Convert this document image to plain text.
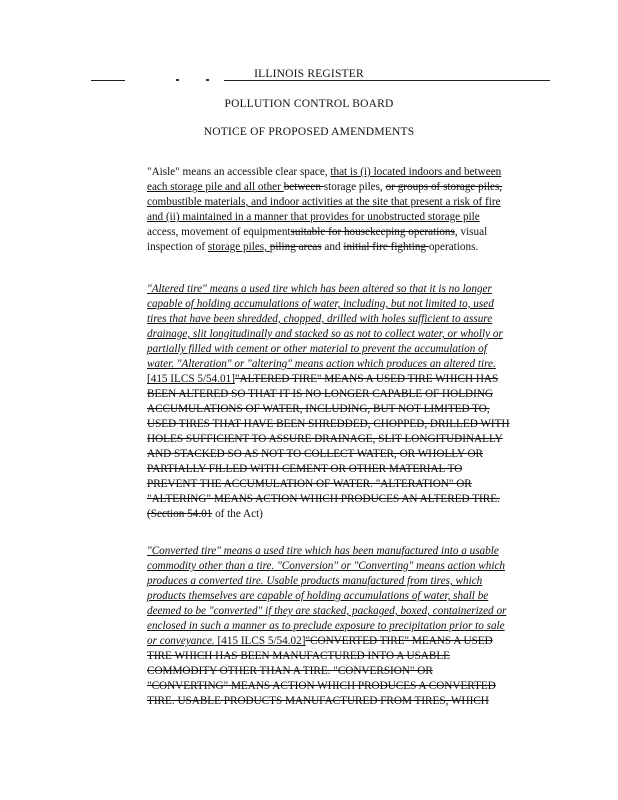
ILLINOIS REGISTER
POLLUTION CONTROL BOARD
NOTICE OF PROPOSED AMENDMENTS

"Aisle" means an accessible clear space, that is (i) located indoors and between each storage pile and all other between storage piles, or groups of storage piles, combustible materials, and indoor activities at the site that present a risk of fire and (ii) maintained in a manner that provides for unobstructed storage pile access, movement of equipmentsuitable for housekeeping operations, visual inspection of storage piles, piling areas and initial fire fighting operations.

"Altered tire" means a used tire which has been altered so that it is no longer capable of holding accumulations of water, including, but not limited to, used tires that have been shredded, chopped, drilled with holes sufficient to assure drainage, slit longitudinally and stacked so as not to collect water, or wholly or partially filled with cement or other material to prevent the accumulation of water. "Alteration" or "altering" means action which produces an altered tire. [415 ILCS 5/54.01]"ALTERED TIRE" MEANS A USED TIRE WHICH HAS BEEN ALTERED SO THAT IT IS NO LONGER CAPABLE OF HOLDING ACCUMULATIONS OF WATER, INCLUDING, BUT NOT LIMITED TO, USED TIRES THAT HAVE BEEN SHREDDED, CHOPPED, DRILLED WITH HOLES SUFFICIENT TO ASSURE DRAINAGE, SLIT LONGITUDINALLY AND STACKED SO AS NOT TO COLLECT WATER, OR WHOLLY OR PARTIALLY FILLED WITH CEMENT OR OTHER MATERIAL TO PREVENT THE ACCUMULATION OF WATER. "ALTERATION" OR "ALTERING" MEANS ACTION WHICH PRODUCES AN ALTERED TIRE. (Section 54.01 of the Act)

"Converted tire" means a used tire which has been manufactured into a usable commodity other than a tire. "Conversion" or "Converting" means action which produces a converted tire. Usable products manufactured from tires, which products themselves are capable of holding accumulations of water, shall be deemed to be "converted" if they are stacked, packaged, boxed, containerized or enclosed in such a manner as to preclude exposure to precipitation prior to sale or conveyance. [415 ILCS 5/54.02]"CONVERTED TIRE" MEANS A USED TIRE WHICH HAS BEEN MANUFACTURED INTO A USABLE COMMODITY OTHER THAN A TIRE. "CONVERSION" OR "CONVERTING" MEANS ACTION WHICH PRODUCES A CONVERTED TIRE. USABLE PRODUCTS MANUFACTURED FROM TIRES, WHICH
